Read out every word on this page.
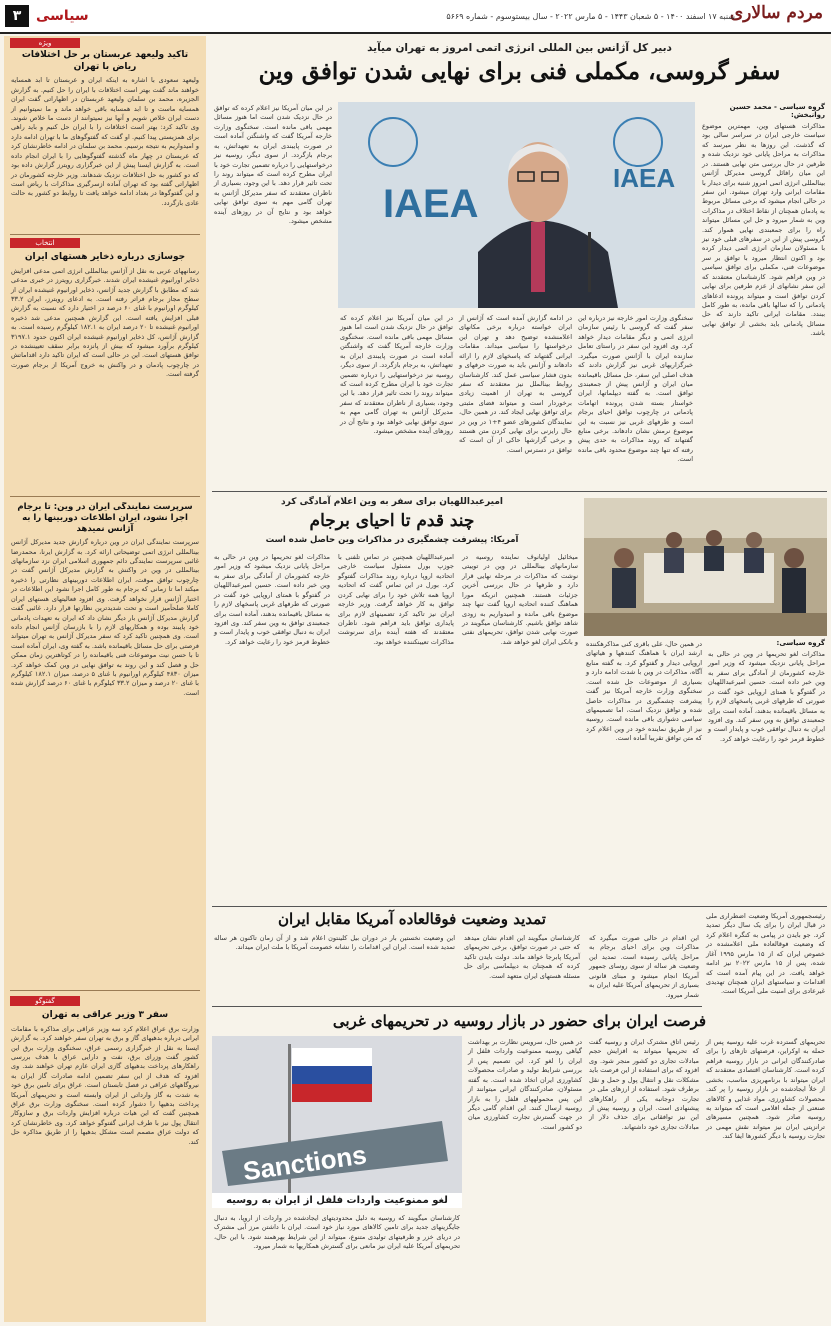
مردم سالاری
شنبه ۱۷ اسفند ۱۴۰۰ - ۵ شعبان ۱۴۴۳ - ۵ مارس ۲۰۲۲ - سال بیستوسوم - شماره ۵۶۶۹
سیاسی
۳
ویژه
تاکید ولیعهد عربستان بر حل اختلافات ریاض با تهران
ولیعهد سعودی با اشاره به اینکه ایران و عربستان تا ابد همسایه خواهند ماند گفت بهتر است اختلافات با ایران را حل کنیم. به گزارش الجزیره، محمد بن سلمان ولیعهد عربستان در اظهاراتی گفت ایران همسایه ماست و تا ابد همسایه باقی خواهد ماند و ما نمیتوانیم از دست ایران خلاص شویم و آنها نیز نمیتوانند از دست ما خلاص شوند. وی تاکید کرد: بهتر است اختلافات را با ایران حل کنیم و باید راهی برای همزیستی پیدا کنیم. او گفت که گفتوگوهای ما با تهران ادامه دارد و امیدواریم به نتیجه برسیم. محمد بن سلمان در ادامه خاطرنشان کرد که عربستان در چهار ماه گذشته گفتوگوهایی را با ایران انجام داده است. به گزارش ایسنا پیش از این خبرگزاری رویترز گزارش داده بود که دو کشور به حل اختلافات نزدیک شدهاند. وزیر خارجه کشورمان در اظهاراتی گفته بود که تهران آماده ازسرگیری مذاکرات با ریاض است و این گفتوگوها در بغداد ادامه خواهد یافت تا روابط دو کشور به حالت عادی بازگردد.
انتخاب
جوسازی درباره ذخایر هستهای ایران
رسانههای عربی به نقل از آژانس بینالمللی انرژی اتمی مدعی افزایش ذخایر اورانیوم غنیشده ایران شدند. خبرگزاری رویترز در خبری مدعی شد که مطابق با گزارش جدید آژانس، ذخایر اورانیوم غنیشده ایران از سطح مجاز برجام فراتر رفته است. به ادعای رویترز، ایران ۳۳.۲ کیلوگرم اورانیوم با غنای ۶۰ درصد در اختیار دارد که نسبت به گزارش قبلی افزایش یافته است. این گزارش همچنین مدعی شد ذخیره اورانیوم غنیشده تا ۲۰ درصد ایران به ۱۸۲.۱ کیلوگرم رسیده است. به گزارش آژانس، کل ذخایر اورانیوم غنیشده ایران اکنون حدود ۳۱۹۷.۱ کیلوگرم برآورد میشود که بیش از پانزده برابر سقف تعیینشده در توافق هستهای است. این در حالی است که ایران تاکید دارد اقداماتش در چارچوب پادمان و در واکنش به خروج آمریکا از برجام صورت گرفته است.
سرپرست نمایندگی ایران در وین: تا برجام اجرا نشود، ایران اطلاعات دوربینها را به آژانس نمیدهد
سرپرست نمایندگی ایران در وین درباره گزارش جدید مدیرکل آژانس بینالمللی انرژی اتمی توضیحاتی ارائه کرد. به گزارش ایرنا، محمدرضا غائبی سرپرست نمایندگی دائم جمهوری اسلامی ایران نزد سازمانهای بینالمللی در وین در واکنش به گزارش مدیرکل آژانس گفت در چارچوب توافق موقت، ایران اطلاعات دوربینهای نظارتی را ذخیره میکند اما تا زمانی که برجام به طور کامل اجرا نشود این اطلاعات در اختیار آژانس قرار نخواهد گرفت. وی افزود فعالیتهای هستهای ایران کاملا صلحآمیز است و تحت شدیدترین نظارتها قرار دارد. غائبی گفت گزارش مدیرکل آژانس بار دیگر نشان داد که ایران به تعهدات پادمانی خود پایبند بوده و همکاریهای لازم را با بازرسان آژانس انجام داده است. وی همچنین تاکید کرد که سفر مدیرکل آژانس به تهران میتواند فرصتی برای حل مسائل باقیمانده باشد. به گفته وی، ایران آماده است تا با حسن نیت موضوعات فنی باقیمانده را در کوتاهترین زمان ممکن حل و فصل کند و این روند به توافق نهایی در وین کمک خواهد کرد. میزان ۴۸۳۰ کیلوگرم اورانیوم با غنای ۵ درصد، میزان ۱۸۲.۱ کیلوگرم با غنای ۲۰ درصد و میزان ۳۳.۲ کیلوگرم با غنای ۶۰ درصد گزارش شده است.
گفتوگو
سفر ۳ وزیر عراقی به تهران
وزارت برق عراق اعلام کرد سه وزیر عراقی برای مذاکره با مقامات ایرانی درباره بدهیهای گاز و برق به تهران سفر خواهند کرد. به گزارش ایسنا به نقل از خبرگزاری رسمی عراق، سخنگوی وزارت برق این کشور گفت وزرای برق، نفت و دارایی عراق با هدف بررسی راهکارهای پرداخت بدهیهای گازی ایران عازم تهران خواهند شد. وی افزود که هدف از این سفر تضمین ادامه صادرات گاز ایران به نیروگاههای عراقی در فصل تابستان است. عراق برای تامین برق خود به شدت به گاز وارداتی از ایران وابسته است و تحریمهای آمریکا پرداخت بدهیها را دشوار کرده است. سخنگوی وزارت برق عراق همچنین گفت که این هیات درباره افزایش واردات برق و سازوکار انتقال پول نیز با طرف ایرانی گفتوگو خواهد کرد. وی خاطرنشان کرد که دولت عراق مصمم است مشکل بدهیها را از طریق مذاکره حل کند.
دبیر کل آژانس بین المللی انرژی اتمی امروز به تهران میآید
سفر گروسی، مکملی فنی برای نهایی شدن توافق وین
IAEA
IAEA
گروه سیاسی - محمد حسین روانبخش:
مذاکرات هستهای وین، مهمترین موضوع سیاست خارجی ایران در سراسر سالی بود که گذشت. این روزها به نظر میرسد که مذاکرات به مراحل پایانی خود نزدیک شده و طرفین در حال بررسی متن نهایی هستند. در این میان رافائل گروسی مدیرکل آژانس بینالمللی انرژی اتمی امروز شنبه برای دیدار با مقامات ایرانی وارد تهران میشود. این سفر در حالی انجام میشود که برخی مسائل مربوط به پادمان همچنان از نقاط اختلاف در مذاکرات وین به شمار میرود و حل این مسائل میتواند راه را برای جمعبندی نهایی هموار کند. گروسی پیش از این در سفرهای قبلی خود نیز با مسئولان سازمان انرژی اتمی دیدار کرده بود و اکنون انتظار میرود با توافق بر سر موضوعات فنی، مکملی برای توافق سیاسی در وین فراهم شود. کارشناسان معتقدند که این سفر نشانهای از عزم طرفین برای نهایی کردن توافق است و میتواند پرونده ادعاهای پادمانی را که سالها باقی مانده، به طور کامل ببندد. مقامات ایرانی تاکید دارند که حل مسائل پادمانی باید بخشی از توافق نهایی باشد.
در این میان آمریکا نیز اعلام کرده که توافق در حال نزدیک شدن است اما هنوز مسائل مهمی باقی مانده است. سخنگوی وزارت خارجه آمریکا گفت که واشنگتن آماده است در صورت پایبندی ایران به تعهداتش، به برجام بازگردد. از سوی دیگر، روسیه نیز درخواستهایی را درباره تضمین تجارت خود با ایران مطرح کرده است که میتواند روند را تحت تاثیر قرار دهد. با این وجود، بسیاری از ناظران معتقدند که سفر مدیرکل آژانس به تهران گامی مهم به سوی توافق نهایی خواهد بود و نتایج آن در روزهای آینده مشخص میشود.
سخنگوی وزارت امور خارجه نیز درباره این سفر گفت که گروسی با رئیس سازمان انرژی اتمی و دیگر مقامات دیدار خواهد کرد. وی افزود این سفر در راستای تعامل سازنده ایران با آژانس صورت میگیرد. خبرگزاریهای غربی نیز گزارش دادند که هدف اصلی این سفر، حل مسائل باقیمانده میان ایران و آژانس پیش از جمعبندی توافق است. به گفته دیپلماتها، ایران خواستار بسته شدن پرونده اتهامات پادمانی در چارچوب توافق احیای برجام است و طرفهای غربی نیز نسبت به این موضوع نرمش نشان دادهاند. برخی منابع گفتهاند که روند مذاکرات به حدی پیش رفته که تنها چند موضوع محدود باقی مانده است.
در ادامه گزارش آمده است که آژانس از ایران خواسته درباره برخی مکانهای اعلامنشده توضیح دهد و تهران این درخواستها را سیاسی میداند. مقامات ایرانی گفتهاند که پاسخهای لازم را ارائه دادهاند و آژانس باید به صورت حرفهای و بدون فشار سیاسی عمل کند. کارشناسان روابط بینالملل نیز معتقدند که سفر گروسی به تهران از اهمیت زیادی برخوردار است و میتواند فضای مثبتی برای توافق نهایی ایجاد کند. در همین حال، نمایندگان کشورهای عضو ۴+۱ در وین در حال رایزنی برای نهایی کردن متن هستند و برخی گزارشها حاکی از آن است که توافق در دسترس است.
در این میان آمریکا نیز اعلام کرده که توافق در حال نزدیک شدن است اما هنوز مسائل مهمی باقی مانده است. سخنگوی وزارت خارجه آمریکا گفت که واشنگتن آماده است در صورت پایبندی ایران به تعهداتش، به برجام بازگردد. از سوی دیگر، روسیه نیز درخواستهایی را درباره تضمین تجارت خود با ایران مطرح کرده است که میتواند روند را تحت تاثیر قرار دهد. با این وجود، بسیاری از ناظران معتقدند که سفر مدیرکل آژانس به تهران گامی مهم به سوی توافق نهایی خواهد بود و نتایج آن در روزهای آینده مشخص میشود.
امیرعبداللهیان برای سفر به وین اعلام آمادگی کرد
چند قدم تا احیای برجام
آمریکا: پیشرفت چشمگیری در مذاکرات وین حاصل شده است
گروه سیاسی:
مذاکرات لغو تحریمها در وین در حالی به مراحل پایانی نزدیک میشود که وزیر امور خارجه کشورمان از آمادگی برای سفر به وین خبر داده است. حسین امیرعبداللهیان در گفتوگو با همتای اروپایی خود گفت در صورتی که طرفهای غربی پاسخهای لازم را به مسائل باقیمانده بدهند، آماده است برای جمعبندی توافق به وین سفر کند. وی افزود ایران به دنبال توافقی خوب و پایدار است و خطوط قرمز خود را رعایت خواهد کرد.
در همین حال، علی باقری کنی مذاکرهکننده ارشد ایران با هماهنگ کنندهها و هیاتهای اروپایی دیدار و گفتوگو کرد. به گفته منابع آگاه، مذاکرات در وین با شدت ادامه دارد و بسیاری از موضوعات حل شده است. سخنگوی وزارت خارجه آمریکا نیز گفت پیشرفت چشمگیری در مذاکرات حاصل شده و توافق نزدیک است، اما تصمیمهای سیاسی دشواری باقی مانده است. روسیه نیز از طریق نماینده خود در وین اعلام کرد که متن توافق تقریبا آماده است.
میخائیل اولیانوف نماینده روسیه در سازمانهای بینالمللی در وین در توییتی نوشت که مذاکرات در مرحله نهایی قرار دارد و طرفها در حال بررسی آخرین جزئیات هستند. همچنین انریکه مورا هماهنگ کننده اتحادیه اروپا گفت تنها چند موضوع باقی مانده و امیدواریم به زودی شاهد توافق باشیم. کارشناسان میگویند در صورت نهایی شدن توافق، تحریمهای نفتی و بانکی ایران لغو خواهد شد.
امیرعبداللهیان همچنین در تماس تلفنی با جوزپ بورل مسئول سیاست خارجی اتحادیه اروپا درباره روند مذاکرات گفتوگو کرد. بورل در این تماس گفت که اتحادیه اروپا همه تلاش خود را برای نهایی کردن توافق به کار خواهد گرفت. وزیر خارجه ایران نیز تاکید کرد تضمینهای لازم برای پایداری توافق باید فراهم شود. ناظران معتقدند که هفته آینده برای سرنوشت مذاکرات تعیینکننده خواهد بود.
مذاکرات لغو تحریمها در وین در حالی به مراحل پایانی نزدیک میشود که وزیر امور خارجه کشورمان از آمادگی برای سفر به وین خبر داده است. حسین امیرعبداللهیان در گفتوگو با همتای اروپایی خود گفت در صورتی که طرفهای غربی پاسخهای لازم را به مسائل باقیمانده بدهند، آماده است برای جمعبندی توافق به وین سفر کند. وی افزود ایران به دنبال توافقی خوب و پایدار است و خطوط قرمز خود را رعایت خواهد کرد.
تمدید وضعیت فوقالعاده آمریکا مقابل ایران	رئیسجمهوری آمریکا وضعیت اضطراری ملی در قبال ایران را برای یک سال دیگر تمدید کرد. جو بایدن در پیامی به کنگره اعلام کرد که وضعیت فوقالعاده ملی اعلامشده در خصوص ایران که از ۱۵ مارس ۱۹۹۵ آغاز شده، پس از ۱۵ مارس ۲۰۲۲ نیز ادامه خواهد یافت. در این پیام آمده است که اقدامات و سیاستهای ایران همچنان تهدیدی غیرعادی برای امنیت ملی آمریکا است.
این اقدام در حالی صورت میگیرد که مذاکرات وین برای احیای برجام به مراحل پایانی رسیده است. تمدید این وضعیت هر ساله از سوی روسای جمهور آمریکا انجام میشود و مبنای قانونی بسیاری از تحریمهای آمریکا علیه ایران به شمار میرود.
کارشناسان میگویند این اقدام نشان میدهد که حتی در صورت توافق، برخی تحریمهای آمریکا پابرجا خواهد ماند. دولت بایدن تاکید کرده که همچنان به دیپلماسی برای حل مسئله هستهای ایران متعهد است.
این وضعیت نخستین بار در دوران بیل کلینتون اعلام شد و از آن زمان تاکنون هر ساله تمدید شده است. ایران این اقدامات را نشانه خصومت آمریکا با ملت ایران میداند.
فرصت ایران برای حضور در بازار روسیه در تحریمهای غربی
Sanctions
لغو ممنوعیت واردات فلفل از ایران به روسیه
تحریمهای گسترده غرب علیه روسیه پس از حمله به اوکراین، فرصتهای تازهای را برای صادرکنندگان ایرانی در بازار روسیه فراهم کرده است. کارشناسان اقتصادی معتقدند که ایران میتواند با برنامهریزی مناسب، بخشی از خلأ ایجادشده در بازار روسیه را پر کند. محصولات کشاورزی، مواد غذایی و کالاهای صنعتی از جمله اقلامی است که میتواند به روسیه صادر شود. همچنین مسیرهای ترانزیتی ایران نیز میتواند نقش مهمی در تجارت روسیه با دیگر کشورها ایفا کند.
رئیس اتاق مشترک ایران و روسیه گفت که تحریمها میتواند به افزایش حجم مبادلات تجاری دو کشور منجر شود. وی افزود که برای استفاده از این فرصت باید مشکلات نقل و انتقال پول و حمل و نقل برطرف شود. استفاده از ارزهای ملی در تجارت دوجانبه یکی از راهکارهای پیشنهادی است. ایران و روسیه پیش از این نیز توافقاتی برای حذف دلار از مبادلات تجاری خود داشتهاند.
در همین حال، سرویس نظارت بر بهداشت گیاهی روسیه ممنوعیت واردات فلفل از ایران را لغو کرد. این تصمیم پس از بررسی شرایط تولید و صادرات محصولات کشاورزی ایران اتخاذ شده است. به گفته مسئولان، صادرکنندگان ایرانی میتوانند از این پس محمولههای فلفل را به بازار روسیه ارسال کنند. این اقدام گامی دیگر در جهت گسترش تجارت کشاورزی میان دو کشور است.
کارشناسان میگویند که روسیه به دلیل محدودیتهای ایجادشده در واردات از اروپا، به دنبال جایگزینهای جدید برای تامین کالاهای مورد نیاز خود است. ایران با داشتن مرز آبی مشترک در دریای خزر و ظرفیتهای تولیدی متنوع، میتواند از این شرایط بهرهمند شود. با این حال، تحریمهای آمریکا علیه ایران نیز مانعی برای گسترش همکاریها به شمار میرود.
